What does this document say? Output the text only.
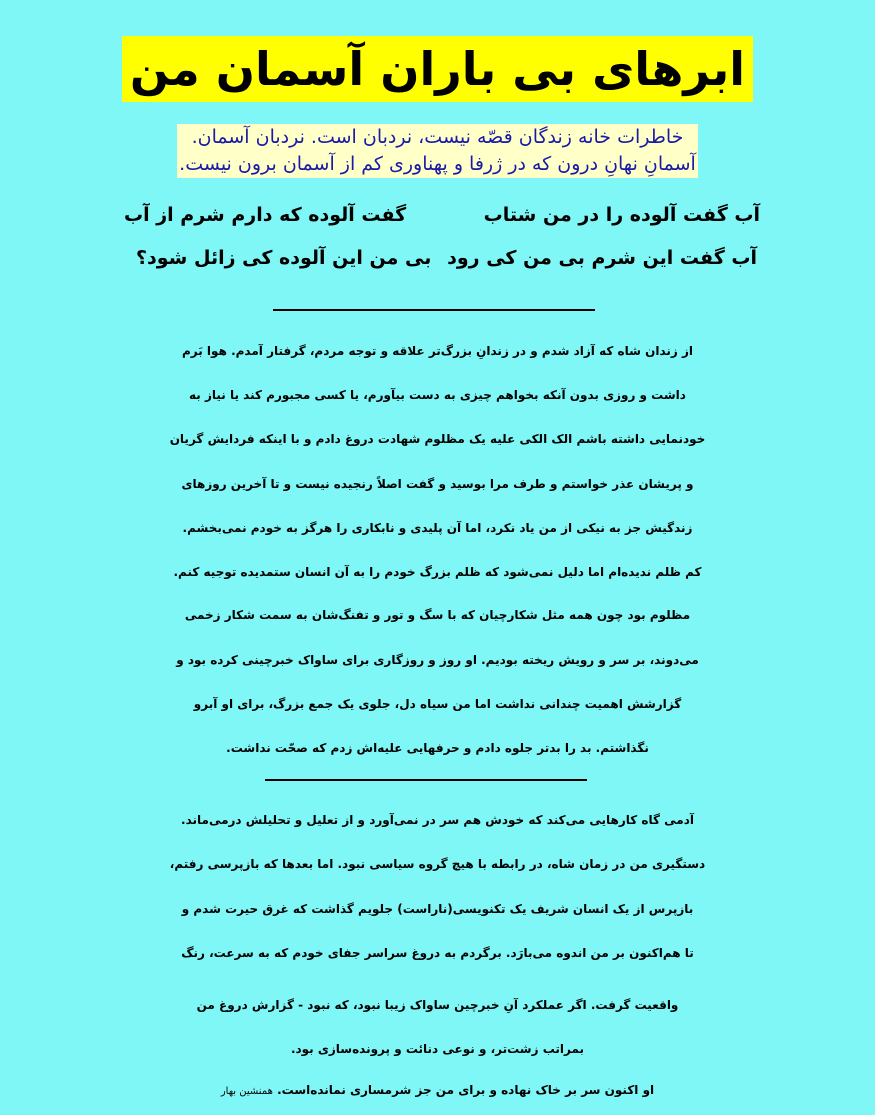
ابرهای بی باران آسمان من
خاطرات خانه زندگان قصّه نیست، نردبان است. نردبان آسمان.
آسمانِ نهانِ درون که در ژرفا و پهناوری کم از آسمان برون نیست.
آب گفت آلوده را در من شتاب
گفت آلوده که دارم شرم از آب
آب گفت این شرم بی من کی رود
بی من این آلوده کی زائل شود؟
از زندان شاه که آزاد شدم و در زندانِ بزرگ‌تر علاقه و توجه مردم، گرفتار آمدم. هوا بَرم
داشت و روزی بدون آنکه بخواهم چیزی به دست بیآورم، یا کسی مجبورم کند یا نیاز به
خودنمایی داشته باشم الک الکی علیه یک مظلوم شهادت دروغ دادم و با اینکه فردایش گریان
و پریشان عذر خواستم و طرف مرا بوسید و گفت اصلاً رنجیده نیست و تا آخرین روزهای
زندگیش جز به نیکی از من یاد نکرد، اما آن پلیدی و نابکاری را هرگز به خودم نمی‌بخشم.
کم ظلم ندیده‌ام اما دلیل نمی‌شود که ظلم بزرگ خودم را به آن انسان ستمدیده توجیه کنم.
مظلوم بود چون همه مثل شکارچیان که با سگ و تور و تفنگ‌شان به سمت شکار زخمی
می‌دوند، بر سر و رویش ریخته بودیم. او روز و روزگاری برای ساواک خبرچینی کرده بود و
گزارشش اهمیت چندانی نداشت اما من سیاه دل، جلوی یک جمع بزرگ، برای او آبرو
نگذاشتم. بد را بدتر جلوه دادم و حرفهایی علیه‌اش زدم که صحّت نداشت.
آدمی گاه کارهایی می‌کند که خودش هم سر در نمی‌آورد و از تعلیل و تحلیلش درمی‌ماند.
دستگیری من در زمان شاه، در رابطه با هیچ گروه سیاسی نبود. اما بعدها که بازپرسی رفتم،
بازپرس از یک انسان شریف یک تکنویسی(ناراست) جلویم گذاشت که غرق حیرت شدم و
تا هم‌اکنون بر من اندوه می‌بارَد. برگردم به دروغ سراسر جفای خودم که به سرعت، رنگ
واقعیت گرفت. اگر عملکرد آنِ خبرچین ساواک زیبا نبود، که نبود - گزارش دروغ من
بمراتب زشت‌تر، و نوعی دنائت و پرونده‌سازی بود.
او اکنون سر بر خاک نهاده و برای من جز شرمساری نمانده‌است. همنشین بهار
